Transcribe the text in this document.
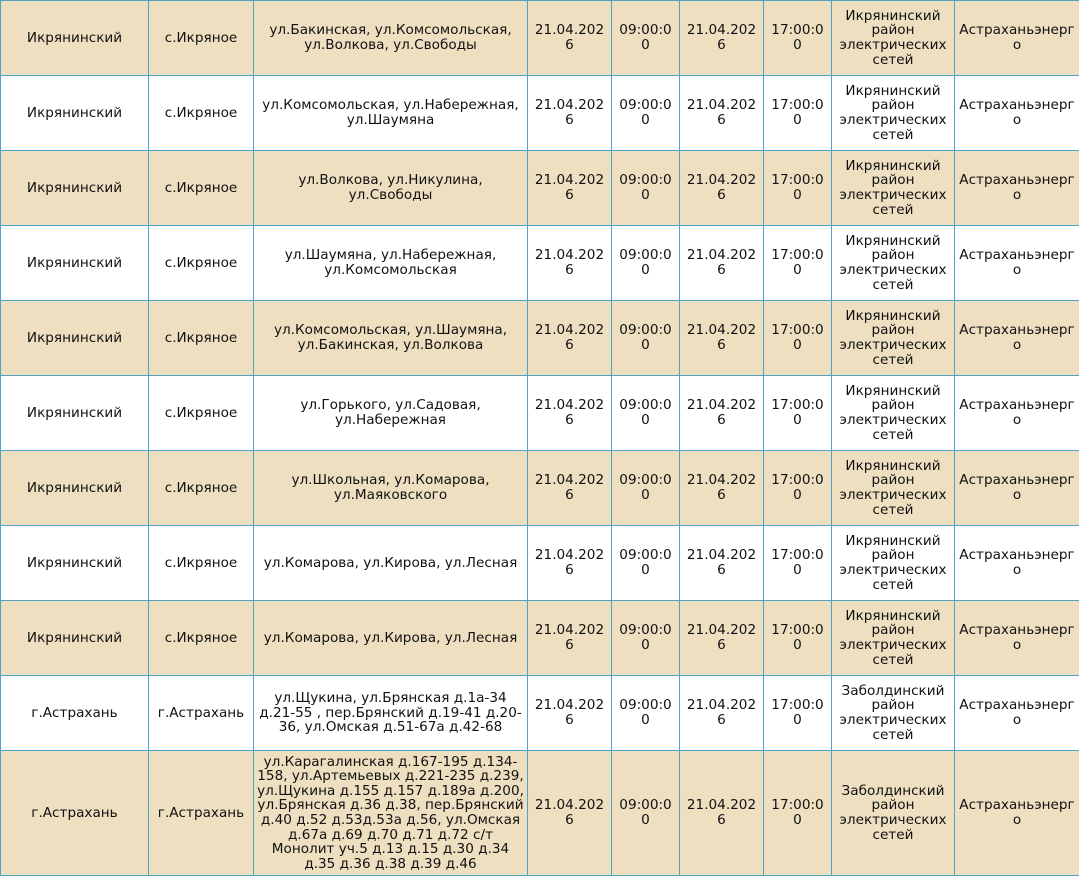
Икрянинский	с.Икряное	ул.Бакинская, ул.Комсомольская, ул.Волкова, ул.Свободы	21.04.2026	09:00:00	21.04.2026	17:00:00	Икрянинский район электрических сетей	Астраханьэнерго
Икрянинский	с.Икряное	ул.Комсомольская, ул.Набережная, ул.Шаумяна	21.04.2026	09:00:00	21.04.2026	17:00:00	Икрянинский район электрических сетей	Астраханьэнерго
Икрянинский	с.Икряное	ул.Волкова, ул.Никулина, ул.Свободы	21.04.2026	09:00:00	21.04.2026	17:00:00	Икрянинский район электрических сетей	Астраханьэнерго
Икрянинский	с.Икряное	ул.Шаумяна, ул.Набережная, ул.Комсомольская	21.04.2026	09:00:00	21.04.2026	17:00:00	Икрянинский район электрических сетей	Астраханьэнерго
Икрянинский	с.Икряное	ул.Комсомольская, ул.Шаумяна, ул.Бакинская, ул.Волкова	21.04.2026	09:00:00	21.04.2026	17:00:00	Икрянинский район электрических сетей	Астраханьэнерго
Икрянинский	с.Икряное	ул.Горького, ул.Садовая, ул.Набережная	21.04.2026	09:00:00	21.04.2026	17:00:00	Икрянинский район электрических сетей	Астраханьэнерго
Икрянинский	с.Икряное	ул.Школьная, ул.Комарова, ул.Маяковского	21.04.2026	09:00:00	21.04.2026	17:00:00	Икрянинский район электрических сетей	Астраханьэнерго
Икрянинский	с.Икряное	ул.Комарова, ул.Кирова, ул.Лесная	21.04.2026	09:00:00	21.04.2026	17:00:00	Икрянинский район электрических сетей	Астраханьэнерго
Икрянинский	с.Икряное	ул.Комарова, ул.Кирова, ул.Лесная	21.04.2026	09:00:00	21.04.2026	17:00:00	Икрянинский район электрических сетей	Астраханьэнерго
г.Астрахань	г.Астрахань	ул.Щукина, ул.Брянская д.1а-34 д.21-55 , пер.Брянский д.19-41 д.20-36, ул.Омская д.51-67а д.42-68	21.04.2026	09:00:00	21.04.2026	17:00:00	Заболдинский район электрических сетей	Астраханьэнерго
г.Астрахань	г.Астрахань	ул.Карагалинская д.167-195 д.134-158, ул.Артемьевых д.221-235 д.239, ул.Щукина д.155 д.157 д.189а д.200, ул.Брянская д.36 д.38, пер.Брянский д.40 д.52 д.53д.53а д.56, ул.Омская д.67а д.69 д.70 д.71 д.72 с/т Монолит уч.5 д.13 д.15 д.30 д.34 д.35 д.36 д.38 д.39 д.46	21.04.2026	09:00:00	21.04.2026	17:00:00	Заболдинский район электрических сетей	Астраханьэнерго
